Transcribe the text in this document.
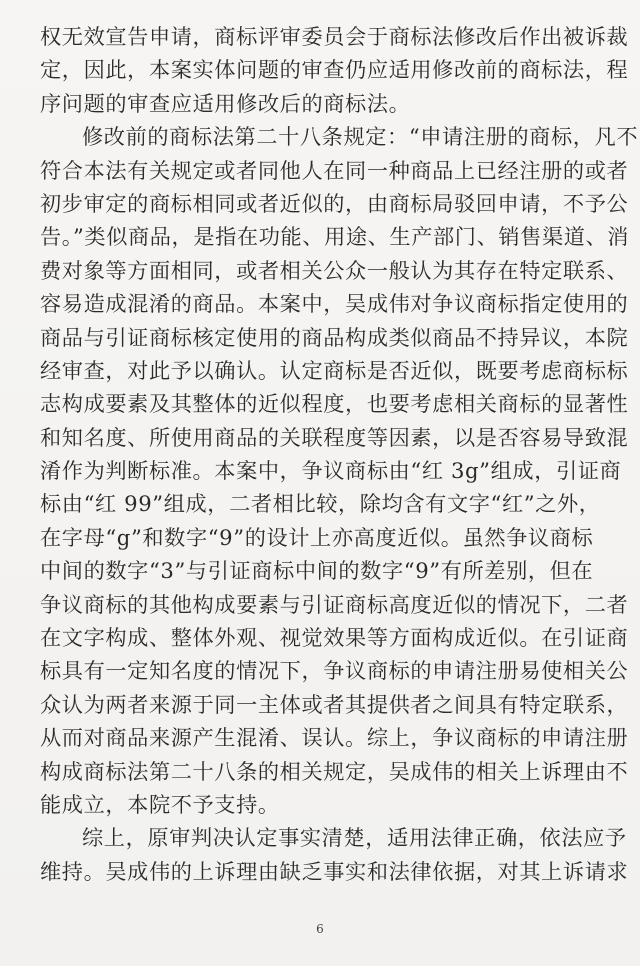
权无效宣告申请，商标评审委员会于商标法修改后作出被诉裁
定，因此，本案实体问题的审查仍应适用修改前的商标法，程
序问题的审查应适用修改后的商标法。
修改前的商标法第二十八条规定：“申请注册的商标，凡不
符合本法有关规定或者同他人在同一种商品上已经注册的或者
初步审定的商标相同或者近似的，由商标局驳回申请，不予公
告。”类似商品，是指在功能、用途、生产部门、销售渠道、消
费对象等方面相同，或者相关公众一般认为其存在特定联系、
容易造成混淆的商品。本案中，吴成伟对争议商标指定使用的
商品与引证商标核定使用的商品构成类似商品不持异议，本院
经审查，对此予以确认。认定商标是否近似，既要考虑商标标
志构成要素及其整体的近似程度，也要考虑相关商标的显著性
和知名度、所使用商品的关联程度等因素，以是否容易导致混
淆作为判断标准。本案中，争议商标由“红 3g”组成，引证商
标由“红 99”组成，二者相比较，除均含有文字“红”之外，
在字母“g”和数字“9”的设计上亦高度近似。虽然争议商标
中间的数字“3”与引证商标中间的数字“9”有所差别，但在
争议商标的其他构成要素与引证商标高度近似的情况下，二者
在文字构成、整体外观、视觉效果等方面构成近似。在引证商
标具有一定知名度的情况下，争议商标的申请注册易使相关公
众认为两者来源于同一主体或者其提供者之间具有特定联系，
从而对商品来源产生混淆、误认。综上，争议商标的申请注册
构成商标法第二十八条的相关规定，吴成伟的相关上诉理由不
能成立，本院不予支持。
综上，原审判决认定事实清楚，适用法律正确，依法应予
维持。吴成伟的上诉理由缺乏事实和法律依据，对其上诉请求
6
